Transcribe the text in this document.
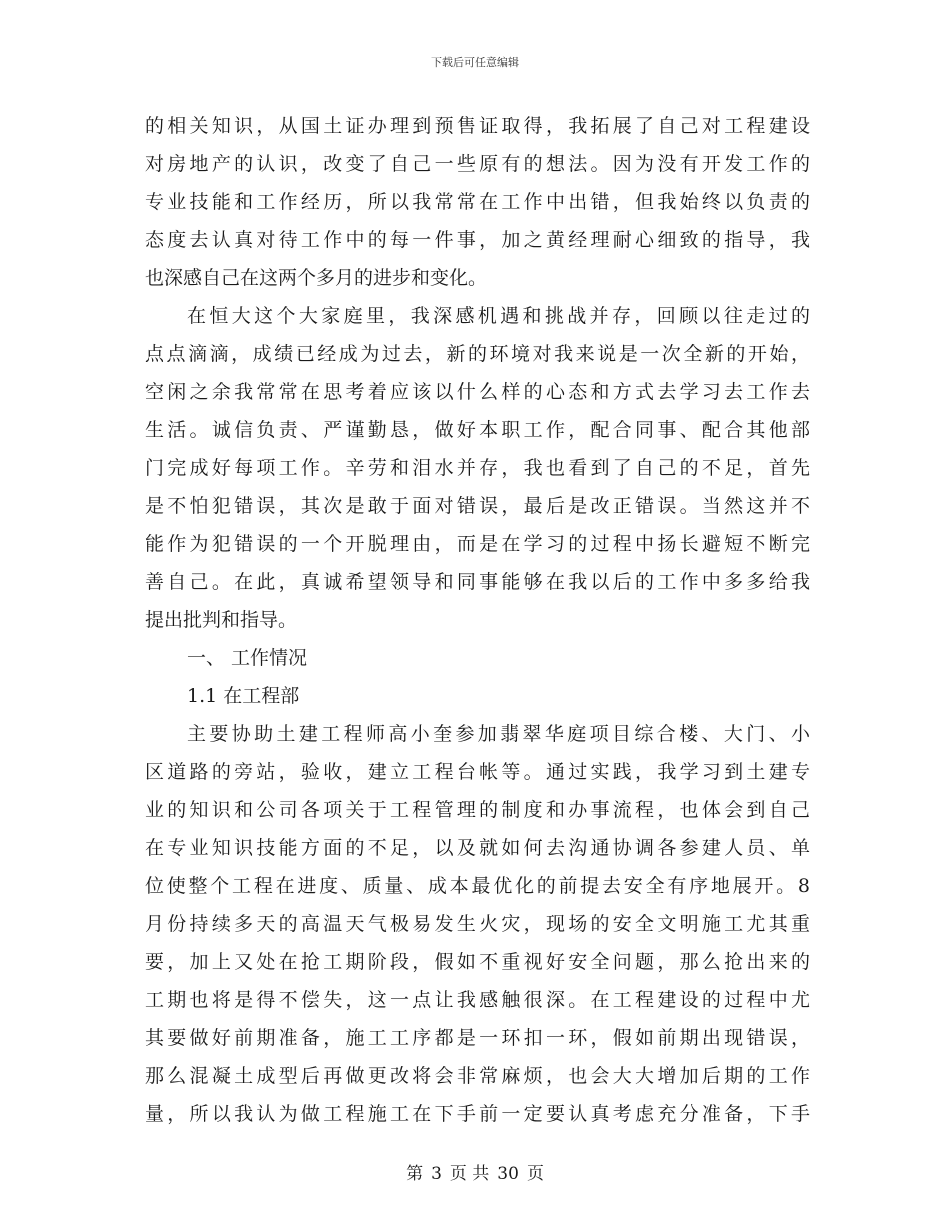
下载后可任意编辑
的相关知识，从国土证办理到预售证取得，我拓展了自己对工程建设
对房地产的认识，改变了自己一些原有的想法。因为没有开发工作的
专业技能和工作经历，所以我常常在工作中出错，但我始终以负责的
态度去认真对待工作中的每一件事，加之黄经理耐心细致的指导，我
也深感自己在这两个多月的进步和变化。
在恒大这个大家庭里，我深感机遇和挑战并存，回顾以往走过的
点点滴滴，成绩已经成为过去，新的环境对我来说是一次全新的开始，
空闲之余我常常在思考着应该以什么样的心态和方式去学习去工作去
生活。诚信负责、严谨勤恳，做好本职工作，配合同事、配合其他部
门完成好每项工作。辛劳和泪水并存，我也看到了自己的不足，首先
是不怕犯错误，其次是敢于面对错误，最后是改正错误。当然这并不
能作为犯错误的一个开脱理由，而是在学习的过程中扬长避短不断完
善自己。在此，真诚希望领导和同事能够在我以后的工作中多多给我
提出批判和指导。
一、 工作情况
1.1 在工程部
主要协助土建工程师高小奎参加翡翠华庭项目综合楼、大门、小
区道路的旁站，验收，建立工程台帐等。通过实践，我学习到土建专
业的知识和公司各项关于工程管理的制度和办事流程，也体会到自己
在专业知识技能方面的不足，以及就如何去沟通协调各参建人员、单
位使整个工程在进度、质量、成本最优化的前提去安全有序地展开。8
月份持续多天的高温天气极易发生火灾，现场的安全文明施工尤其重
要，加上又处在抢工期阶段，假如不重视好安全问题，那么抢出来的
工期也将是得不偿失，这一点让我感触很深。在工程建设的过程中尤
其要做好前期准备，施工工序都是一环扣一环，假如前期出现错误，
那么混凝土成型后再做更改将会非常麻烦，也会大大增加后期的工作
量，所以我认为做工程施工在下手前一定要认真考虑充分准备，下手
第 3 页 共 30 页
